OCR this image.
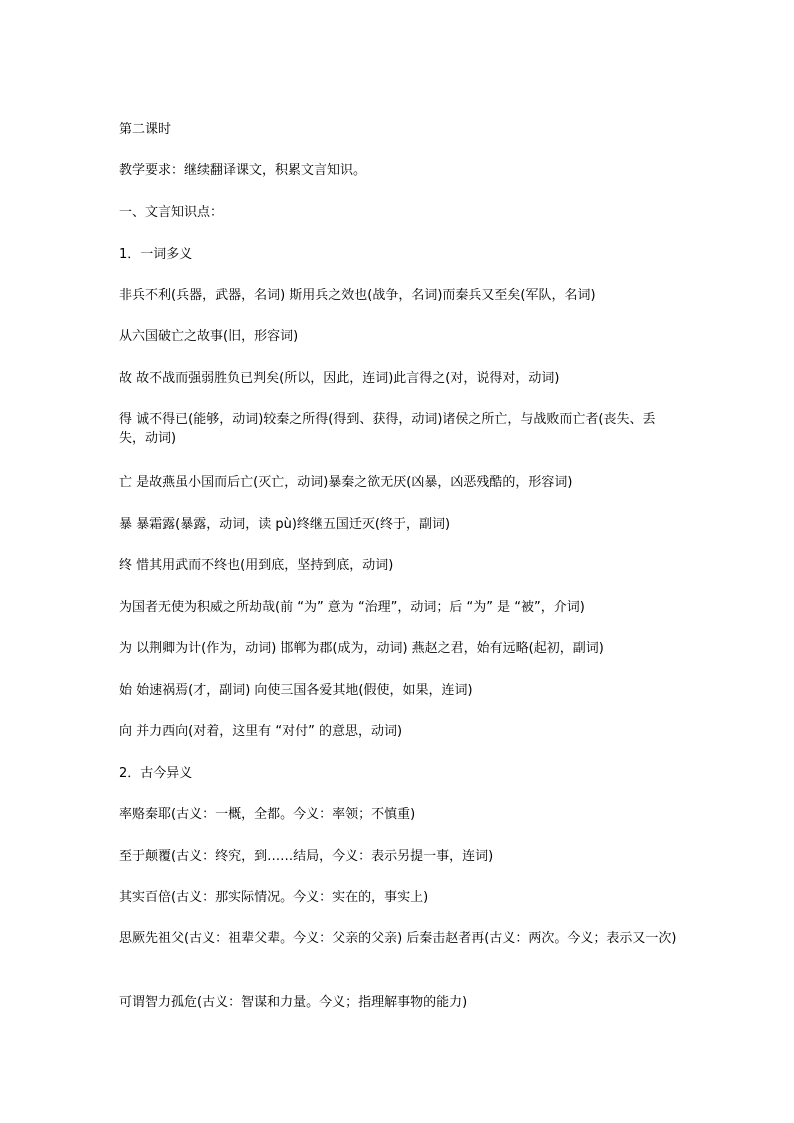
第二课时

教学要求：继续翻译课文，积累文言知识。

一、文言知识点：

1．一词多义

非兵不利(兵器，武器，名词) 斯用兵之效也(战争，名词)而秦兵又至矣(军队，名词)

从六国破亡之故事(旧，形容词)

故 故不战而强弱胜负已判矣(所以，因此，连词)此言得之(对，说得对，动词)

得 诚不得已(能够，动词)较秦之所得(得到、获得，动词)诸侯之所亡，与战败而亡者(丧失、丢失，动词)

亡 是故燕虽小国而后亡(灭亡，动词)暴秦之欲无厌(凶暴，凶恶残酷的，形容词)

暴 暴霜露(暴露，动词，读 pù)终继五国迁灭(终于，副词)

终 惜其用武而不终也(用到底，坚持到底，动词)

为国者无使为积威之所劫哉(前 “为” 意为 “治理”，动词；后 “为” 是 “被”，介词)

为 以荆卿为计(作为，动词) 邯郸为郡(成为，动词) 燕赵之君，始有远略(起初，副词)

始 始速祸焉(才，副词) 向使三国各爱其地(假使，如果，连词)

向 并力西向(对着，这里有 “对付” 的意思，动词)

2．古今异义

率赂秦耶(古义：一概，全都。今义：率领；不慎重)

至于颠覆(古义：终究，到……结局，今义：表示另提一事，连词)

其实百倍(古义：那实际情况。今义：实在的，事实上)

思厥先祖父(古义：祖辈父辈。今义：父亲的父亲) 后秦击赵者再(古义：两次。今义；表示又一次)

可谓智力孤危(古义：智谋和力量。今义；指理解事物的能力)
